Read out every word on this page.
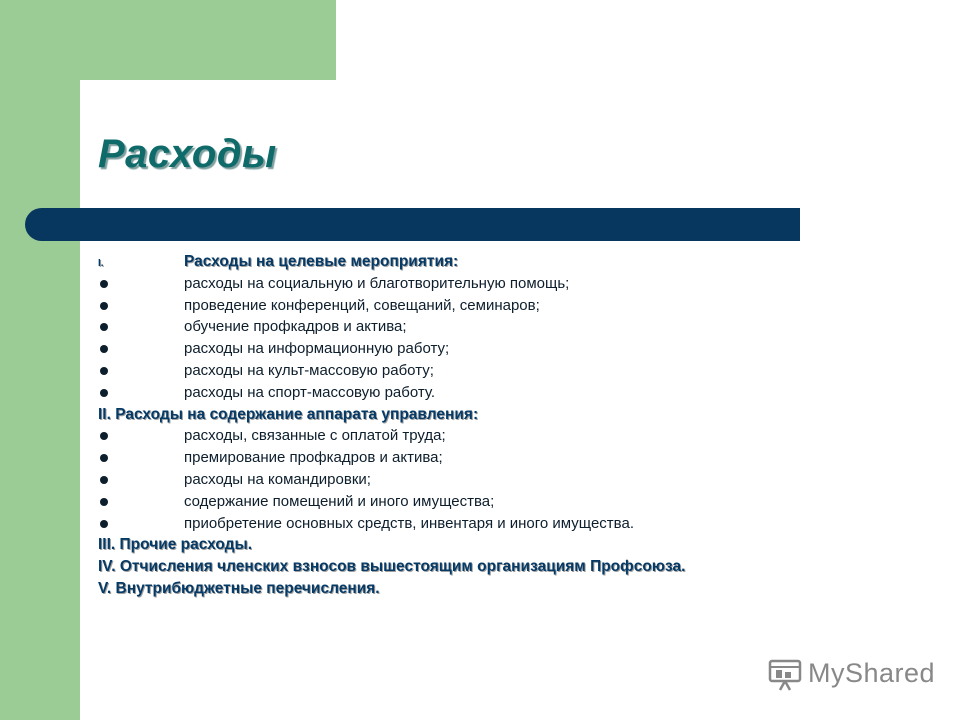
Расходы
I.	Расходы на целевые мероприятия:
расходы на социальную и благотворительную помощь;
проведение конференций, совещаний, семинаров;
обучение профкадров и актива;
расходы на информационную работу;
расходы на культ-массовую работу;
расходы на спорт-массовую работу.
II. Расходы на содержание аппарата управления:
расходы, связанные с оплатой труда;
премирование профкадров и актива;
расходы на командировки;
содержание помещений и иного имущества;
приобретение основных средств, инвентаря и иного имущества.
III. Прочие расходы.
IV. Отчисления членских взносов вышестоящим организациям Профсоюза.
V. Внутрибюджетные перечисления.
MyShared
